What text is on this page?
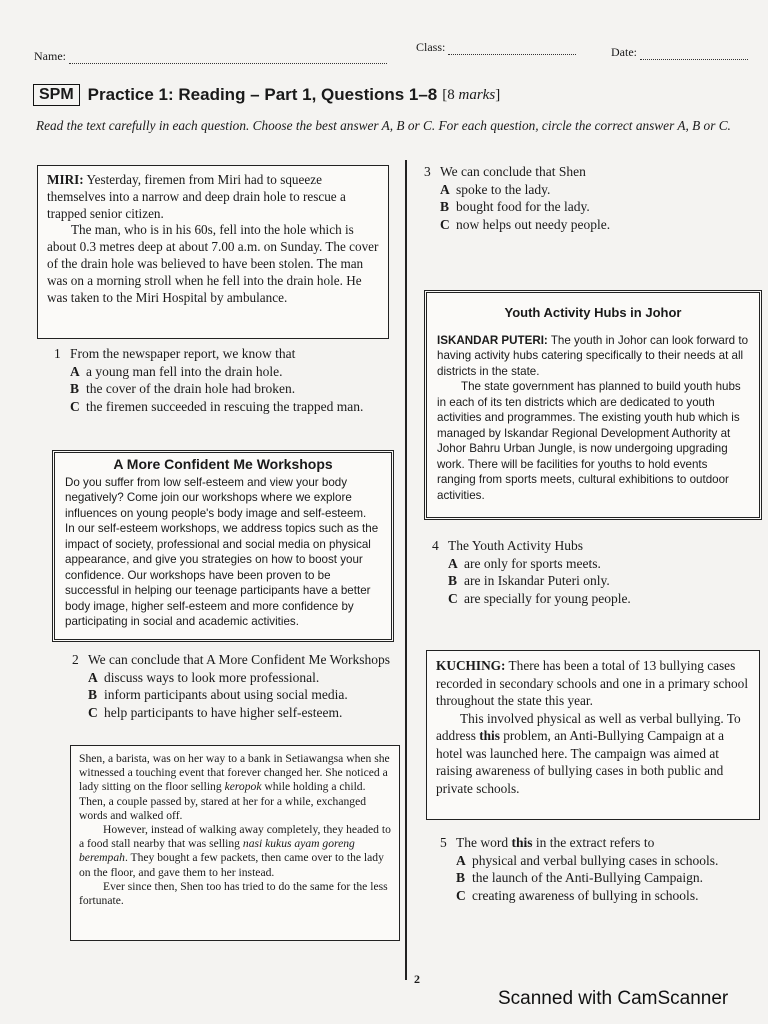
Name:
Class:	Date:
SPM Practice 1: Reading – Part 1, Questions 1–8 [8 marks]
Read the text carefully in each question. Choose the best answer A, B or C. For each question, circle the correct answer A, B or C.

MIRI: Yesterday, firemen from Miri had to squeeze themselves into a narrow and deep drain hole to rescue a trapped senior citizen.

The man, who is in his 60s, fell into the hole which is about 0.3 metres deep at about 7.00 a.m. on Sunday. The cover of the drain hole was believed to have been stolen. The man was on a morning stroll when he fell into the drain hole. He was taken to the Miri Hospital by ambulance.

1 From the newspaper report, we know that
A a young man fell into the drain hole.
B the cover of the drain hole had broken.
C the firemen succeeded in rescuing the trapped man.
A More Confident Me Workshops

Do you suffer from low self-esteem and view your body negatively? Come join our workshops where we explore influences on young people's body image and self-esteem.

In our self-esteem workshops, we address topics such as the impact of society, professional and social media on physical appearance, and give you strategies on how to boost your confidence. Our workshops have been proven to be successful in helping our teenage participants have a better body image, higher self-esteem and more confidence by participating in social and academic activities.

2 We can conclude that A More Confident Me Workshops
A discuss ways to look more professional.
B inform participants about using social media.
C help participants to have higher self-esteem.

Shen, a barista, was on her way to a bank in Setiawangsa when she witnessed a touching event that forever changed her. She noticed a lady sitting on the floor selling keropok while holding a child. Then, a couple passed by, stared at her for a while, exchanged words and walked off.

However, instead of walking away completely, they headed to a food stall nearby that was selling nasi kukus ayam goreng berempah. They bought a few packets, then came over to the lady on the floor, and gave them to her instead.

Ever since then, Shen too has tried to do the same for the less fortunate.

3 We can conclude that Shen
A spoke to the lady.
B bought food for the lady.
C now helps out needy people.
Youth Activity Hubs in Johor

ISKANDAR PUTERI: The youth in Johor can look forward to having activity hubs catering specifically to their needs at all districts in the state.

The state government has planned to build youth hubs in each of its ten districts which are dedicated to youth activities and programmes. The existing youth hub which is managed by Iskandar Regional Development Authority at Johor Bahru Urban Jungle, is now undergoing upgrading work. There will be facilities for youths to hold events ranging from sports meets, cultural exhibitions to outdoor activities.

4 The Youth Activity Hubs
A are only for sports meets.
B are in Iskandar Puteri only.
C are specially for young people.

KUCHING: There has been a total of 13 bullying cases recorded in secondary schools and one in a primary school throughout the state this year.

This involved physical as well as verbal bullying. To address this problem, an Anti-Bullying Campaign at a hotel was launched here. The campaign was aimed at raising awareness of bullying cases in both public and private schools.

5 The word this in the extract refers to
A physical and verbal bullying cases in schools.
B the launch of the Anti-Bullying Campaign.
C creating awareness of bullying in schools.
2
Scanned with CamScanner
